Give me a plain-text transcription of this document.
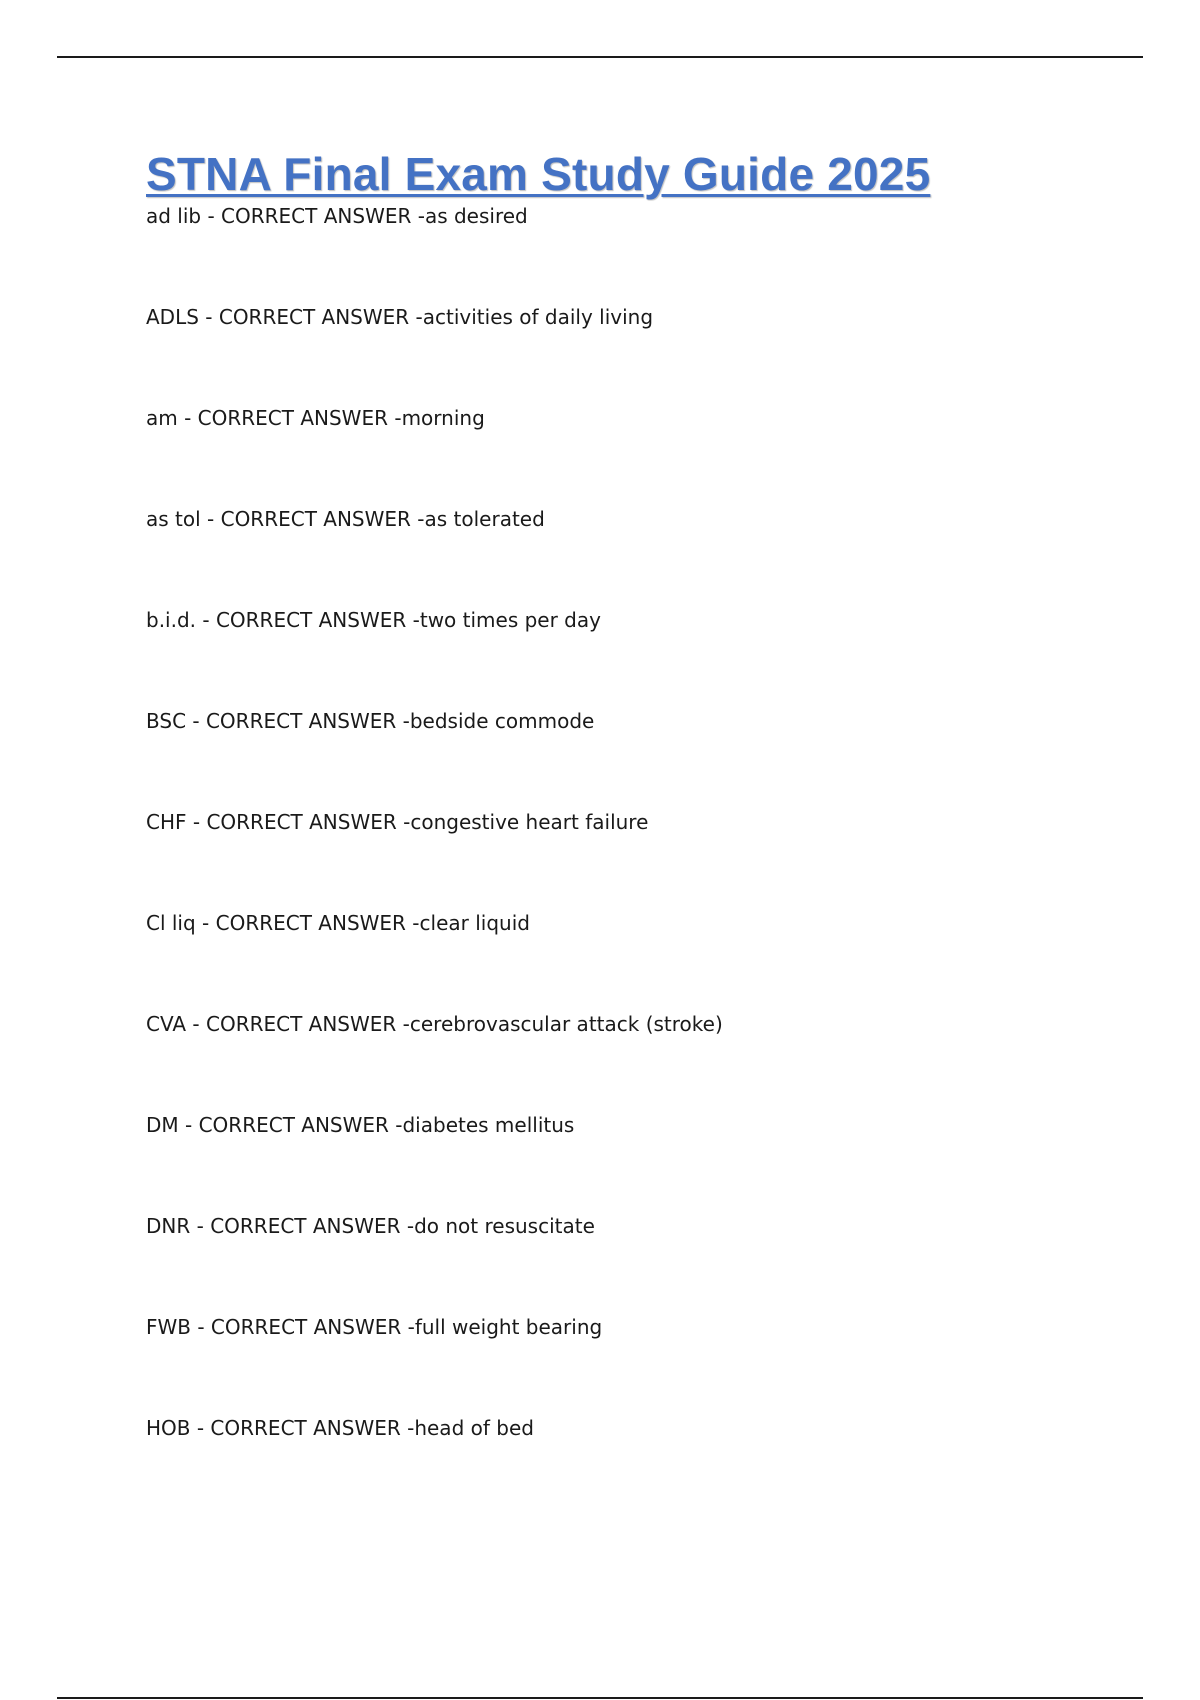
STNA Final Exam Study Guide 2025
ad lib - CORRECT ANSWER -as desired
ADLS - CORRECT ANSWER -activities of daily living
am - CORRECT ANSWER -morning
as tol - CORRECT ANSWER -as tolerated
b.i.d. - CORRECT ANSWER -two times per day
BSC - CORRECT ANSWER -bedside commode
CHF - CORRECT ANSWER -congestive heart failure
Cl liq - CORRECT ANSWER -clear liquid
CVA - CORRECT ANSWER -cerebrovascular attack (stroke)
DM - CORRECT ANSWER -diabetes mellitus
DNR - CORRECT ANSWER -do not resuscitate
FWB - CORRECT ANSWER -full weight bearing
HOB - CORRECT ANSWER -head of bed
